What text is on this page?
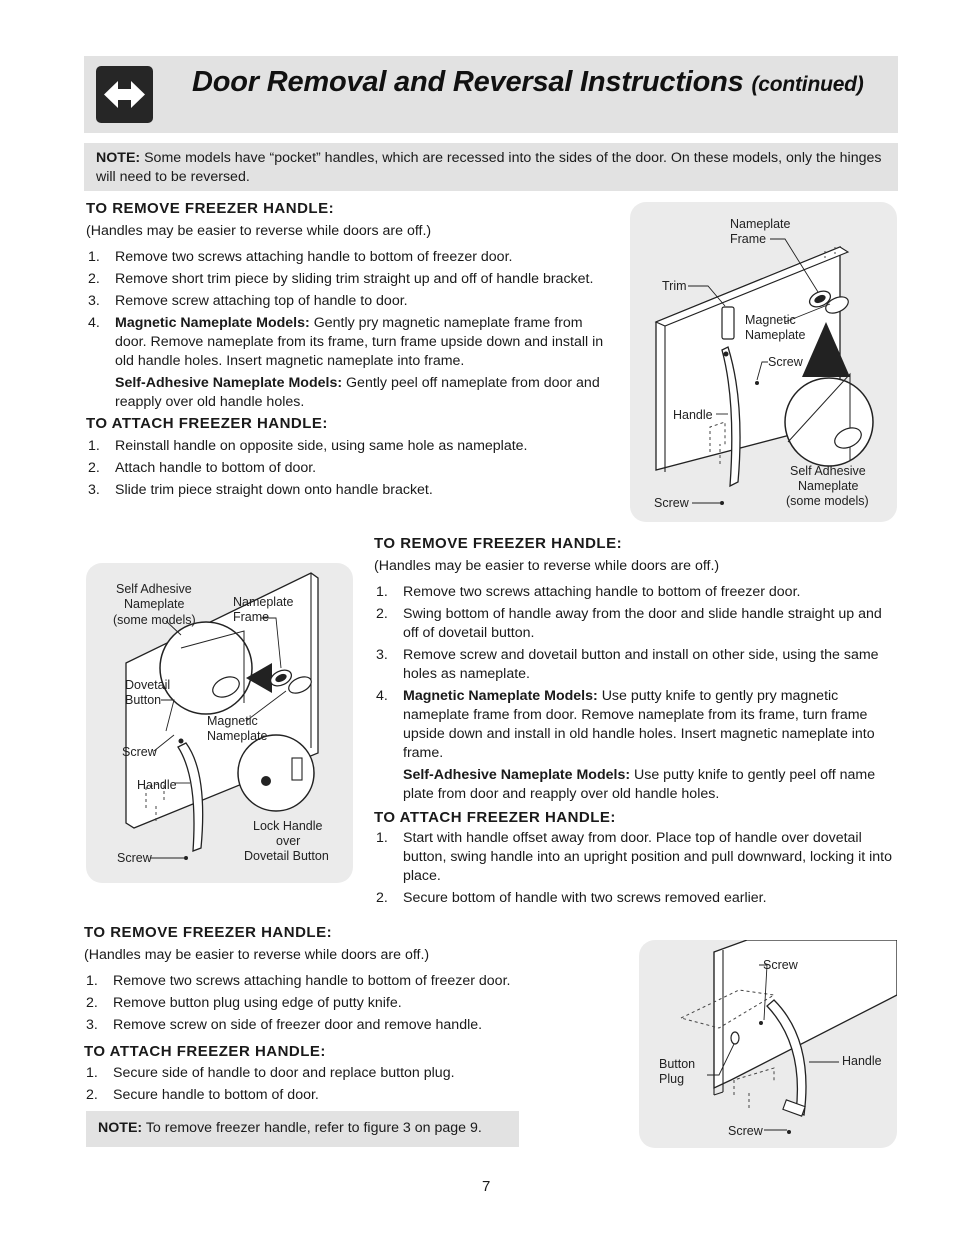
Door Removal and Reversal Instructions (continued)
NOTE: Some models have “pocket” handles, which are recessed into the sides of the door. On these models, only the hinges will need to be reversed.
TO REMOVE FREEZER HANDLE:
(Handles may be easier to reverse while doors are off.)
Remove two screws attaching handle to bottom of freezer door.
Remove short trim piece by sliding trim straight up and off of handle bracket.
Remove screw attaching top of handle to door.
Magnetic Nameplate Models: Gently pry magnetic nameplate frame from door. Remove nameplate from its frame, turn frame upside down and install in old handle holes. Insert magnetic nameplate into frame.
Self-Adhesive Nameplate Models: Gently peel off nameplate from door and reapply over old handle holes.
TO ATTACH FREEZER HANDLE:
Reinstall handle on opposite side, using same hole as nameplate.
Attach handle to bottom of door.
Slide trim piece straight down onto handle bracket.
Nameplate
Frame
Trim
Magnetic
Nameplate
Screw
Handle
Self Adhesive
Nameplate
(some models)
Screw
Self Adhesive
Nameplate
(some models)
Nameplate
Frame
Dovetail
Button
Magnetic
Nameplate
Screw
Handle
Lock Handle
over
Dovetail Button
Screw
TO REMOVE FREEZER HANDLE:
(Handles may be easier to reverse while doors are off.)
Remove two screws attaching handle to bottom of freezer door.
Swing bottom of handle away from the door and slide handle straight up and off of dovetail button.
Remove screw and dovetail button and install on other side, using the same holes as nameplate.
Magnetic Nameplate Models: Use putty knife to gently pry magnetic nameplate frame from door. Remove nameplate from its frame, turn frame upside down and install in old handle holes. Insert magnetic nameplate into frame.
Self-Adhesive Nameplate Models: Use putty knife to gently peel off name plate from door and reapply over old handle holes.
TO ATTACH FREEZER HANDLE:
Start with handle offset away from door. Place top of handle over dovetail button, swing handle into an upright position and pull downward, locking it into place.
Secure bottom of handle with two screws removed earlier.
TO REMOVE FREEZER HANDLE:
(Handles may be easier to reverse while doors are off.)
Remove two screws attaching handle to bottom of freezer door.
Remove button plug using edge of putty knife.
Remove screw on side of freezer door and remove handle.
TO ATTACH FREEZER HANDLE:
Secure side of handle to door and replace button plug.
Secure handle to bottom of door.
NOTE: To remove freezer handle, refer to figure 3 on page 9.
Screw
Button
Plug
Handle
Screw
7
